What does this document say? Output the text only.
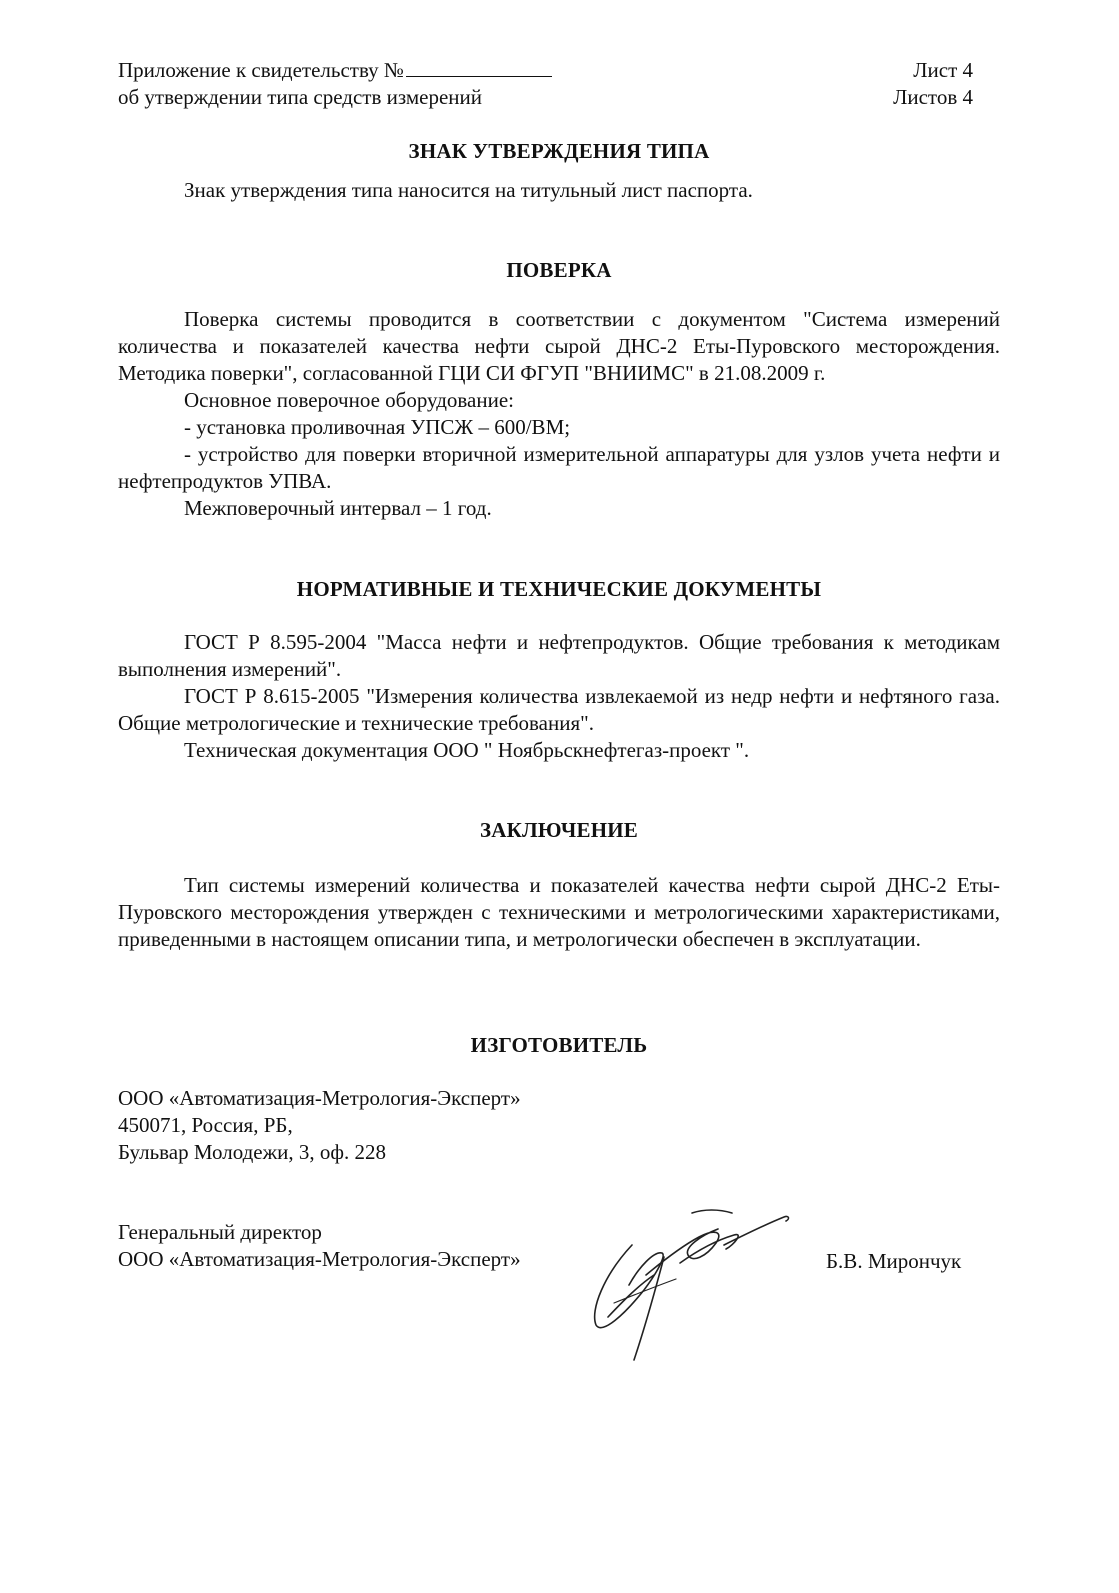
Приложение к свидетельству №
об утверждении типа средств измерений
Лист 4
Листов 4
ЗНАК УТВЕРЖДЕНИЯ ТИПА

Знак утверждения типа наносится на титульный лист паспорта.

ПОВЕРКА

Поверка системы проводится в соответствии с документом "Система измерений количества и показателей качества нефти сырой ДНС-2 Еты-Пуровского месторождения. Методика поверки", согласованной ГЦИ СИ ФГУП "ВНИИМС" в 21.08.2009 г.

Основное поверочное оборудование:

- установка проливочная УПСЖ – 600/ВМ;

- устройство для поверки вторичной измерительной аппаратуры для узлов учета нефти и нефтепродуктов УПВА.

Межповерочный интервал – 1 год.

НОРМАТИВНЫЕ И ТЕХНИЧЕСКИЕ ДОКУМЕНТЫ

ГОСТ Р 8.595-2004 "Масса нефти и нефтепродуктов. Общие требования к методикам выполнения измерений".

ГОСТ Р 8.615-2005 "Измерения количества извлекаемой из недр нефти и нефтяного газа. Общие метрологические и технические требования".

Техническая документация ООО " Ноябрьскнефтегаз-проект ".

ЗАКЛЮЧЕНИЕ

Тип системы измерений количества и показателей качества нефти сырой ДНС-2 Еты-Пуровского месторождения утвержден с техническими и метрологическими характеристиками, приведенными в настоящем описании типа, и метрологически обеспечен в эксплуатации.

ИЗГОТОВИТЕЛЬ
ООО «Автоматизация-Метрология-Эксперт»
450071, Россия, РБ,
Бульвар Молодежи, 3, оф. 228
Генеральный директор
ООО «Автоматизация-Метрология-Эксперт»	Б.В. Мирончук
